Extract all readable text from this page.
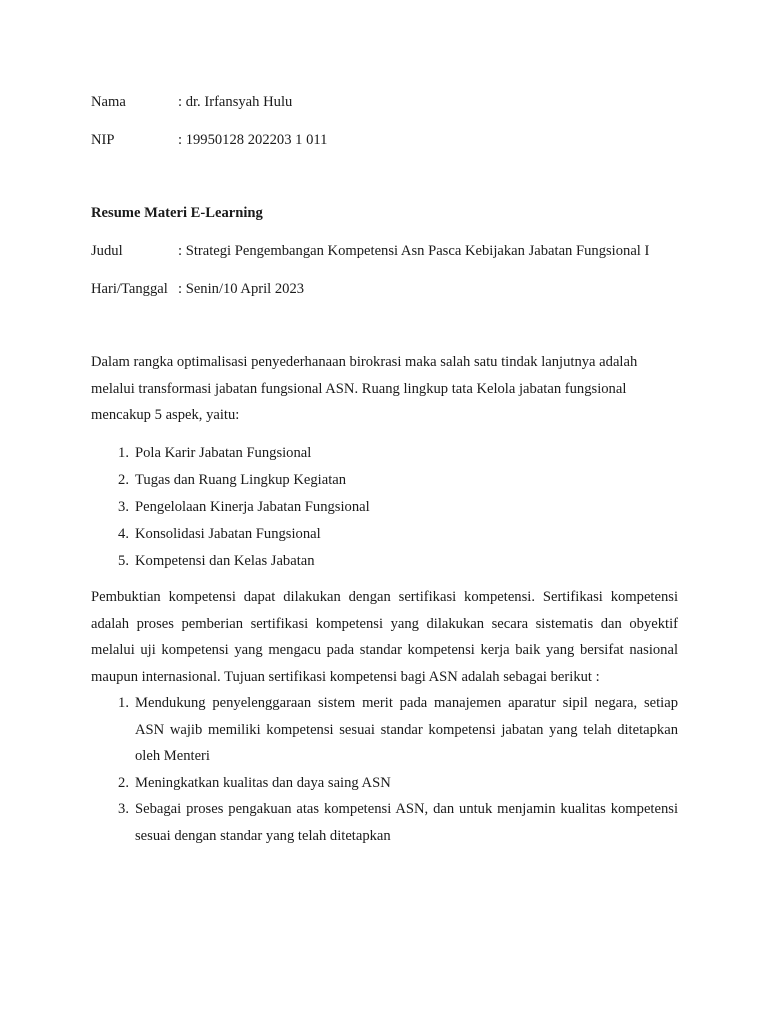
Nama	: dr. Irfansyah Hulu
NIP	: 19950128 202203 1 011
Resume Materi E-Learning
Judul	: Strategi Pengembangan Kompetensi Asn Pasca Kebijakan Jabatan Fungsional I
Hari/Tanggal : Senin/10 April 2023

Dalam rangka optimalisasi penyederhanaan birokrasi maka salah satu tindak lanjutnya adalah melalui transformasi jabatan fungsional ASN. Ruang lingkup tata Kelola jabatan fungsional mencakup 5 aspek, yaitu:

1. Pola Karir Jabatan Fungsional
2. Tugas dan Ruang Lingkup Kegiatan
3. Pengelolaan Kinerja Jabatan Fungsional
4. Konsolidasi Jabatan Fungsional
5. Kompetensi dan Kelas Jabatan

Pembuktian kompetensi dapat dilakukan dengan sertifikasi kompetensi. Sertifikasi kompetensi adalah proses pemberian sertifikasi kompetensi yang dilakukan secara sistematis dan obyektif melalui uji kompetensi yang mengacu pada standar kompetensi kerja baik yang bersifat nasional maupun internasional. Tujuan sertifikasi kompetensi bagi ASN adalah sebagai berikut :

1. Mendukung penyelenggaraan sistem merit pada manajemen aparatur sipil negara, setiap ASN wajib memiliki kompetensi sesuai standar kompetensi jabatan yang telah ditetapkan oleh Menteri
2. Meningkatkan kualitas dan daya saing ASN
3. Sebagai proses pengakuan atas kompetensi ASN, dan untuk menjamin kualitas kompetensi sesuai dengan standar yang telah ditetapkan
